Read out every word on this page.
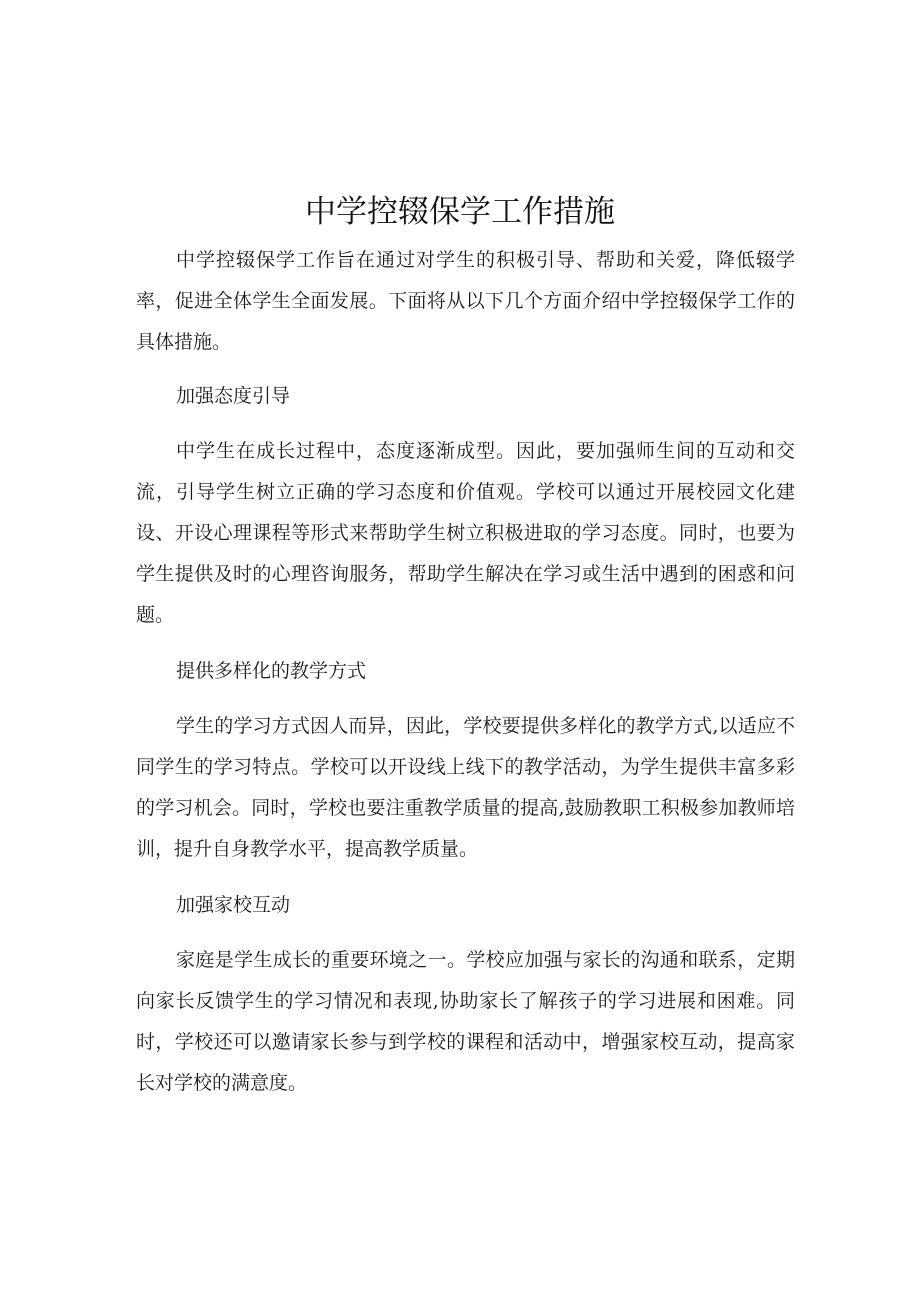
中学控辍保学工作措施

中学控辍保学工作旨在通过对学生的积极引导、帮助和关爱，降低辍学率，促进全体学生全面发展。下面将从以下几个方面介绍中学控辍保学工作的具体措施。

加强态度引导

中学生在成长过程中，态度逐渐成型。因此，要加强师生间的互动和交流，引导学生树立正确的学习态度和价值观。学校可以通过开展校园文化建设、开设心理课程等形式来帮助学生树立积极进取的学习态度。同时，也要为学生提供及时的心理咨询服务，帮助学生解决在学习或生活中遇到的困惑和问题。

提供多样化的教学方式

学生的学习方式因人而异，因此，学校要提供多样化的教学方式,以适应不同学生的学习特点。学校可以开设线上线下的教学活动，为学生提供丰富多彩的学习机会。同时，学校也要注重教学质量的提高,鼓励教职工积极参加教师培训，提升自身教学水平，提高教学质量。

加强家校互动

家庭是学生成长的重要环境之一。学校应加强与家长的沟通和联系，定期向家长反馈学生的学习情况和表现,协助家长了解孩子的学习进展和困难。同时，学校还可以邀请家长参与到学校的课程和活动中，增强家校互动，提高家长对学校的满意度。
